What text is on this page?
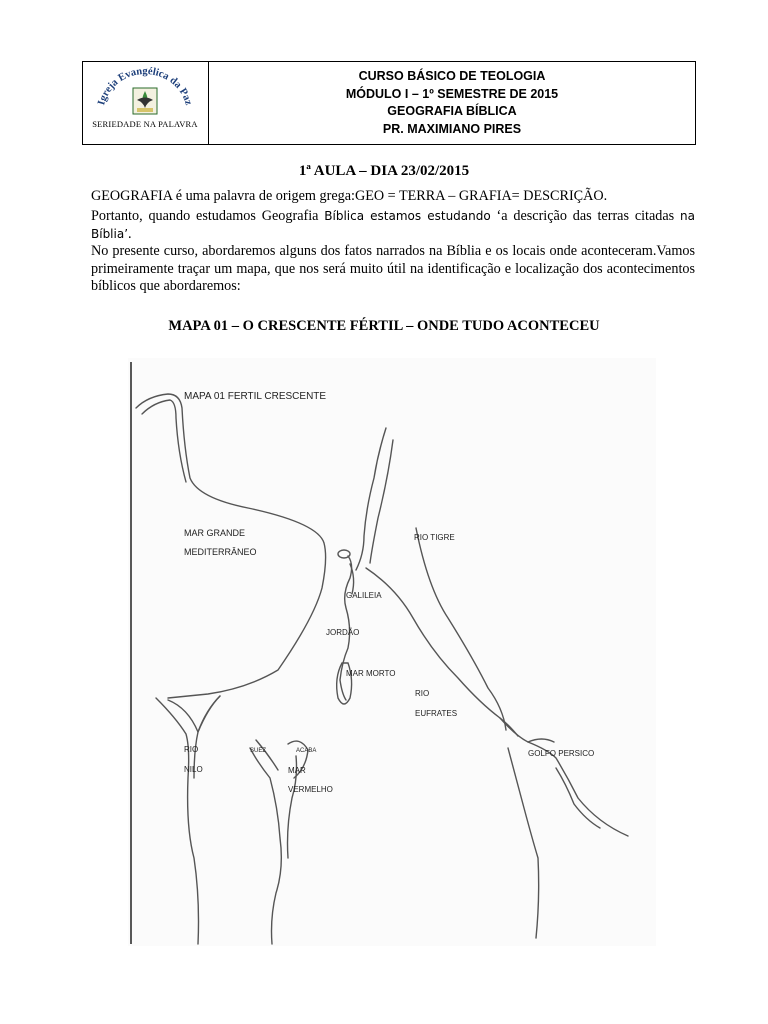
Igreja Evangélica da Paz
SERIEDADE NA PALAVRA
CURSO BÁSICO DE TEOLOGIA
MÓDULO I – 1º SEMESTRE DE 2015
GEOGRAFIA BÍBLICA
PR. MAXIMIANO PIRES
1ª AULA – DIA 23/02/2015
GEOGRAFIA é uma palavra de origem grega:GEO = TERRA – GRAFIA= DESCRIÇÃO.
Portanto, quando estudamos Geografia Bíblica estamos estudando ‘a descrição das terras citadas na Bíblia’.
No presente curso, abordaremos alguns dos fatos narrados na Bíblia e os locais onde aconteceram.Vamos primeiramente traçar um mapa, que nos será muito útil na identificação e localização dos acontecimentos bíblicos que abordaremos:
MAPA 01 – O CRESCENTE FÉRTIL – ONDE TUDO ACONTECEU
MAPA 01 FERTIL CRESCENTE
MAR GRANDE
MEDITERRÂNEO
GALILEIA
JORDÃO
MAR MORTO
RIO TIGRE
RIO
EUFRATES
GOLFO PERSICO
RIO
NILO
SUEZ	ACABA
MAR
VERMELHO
